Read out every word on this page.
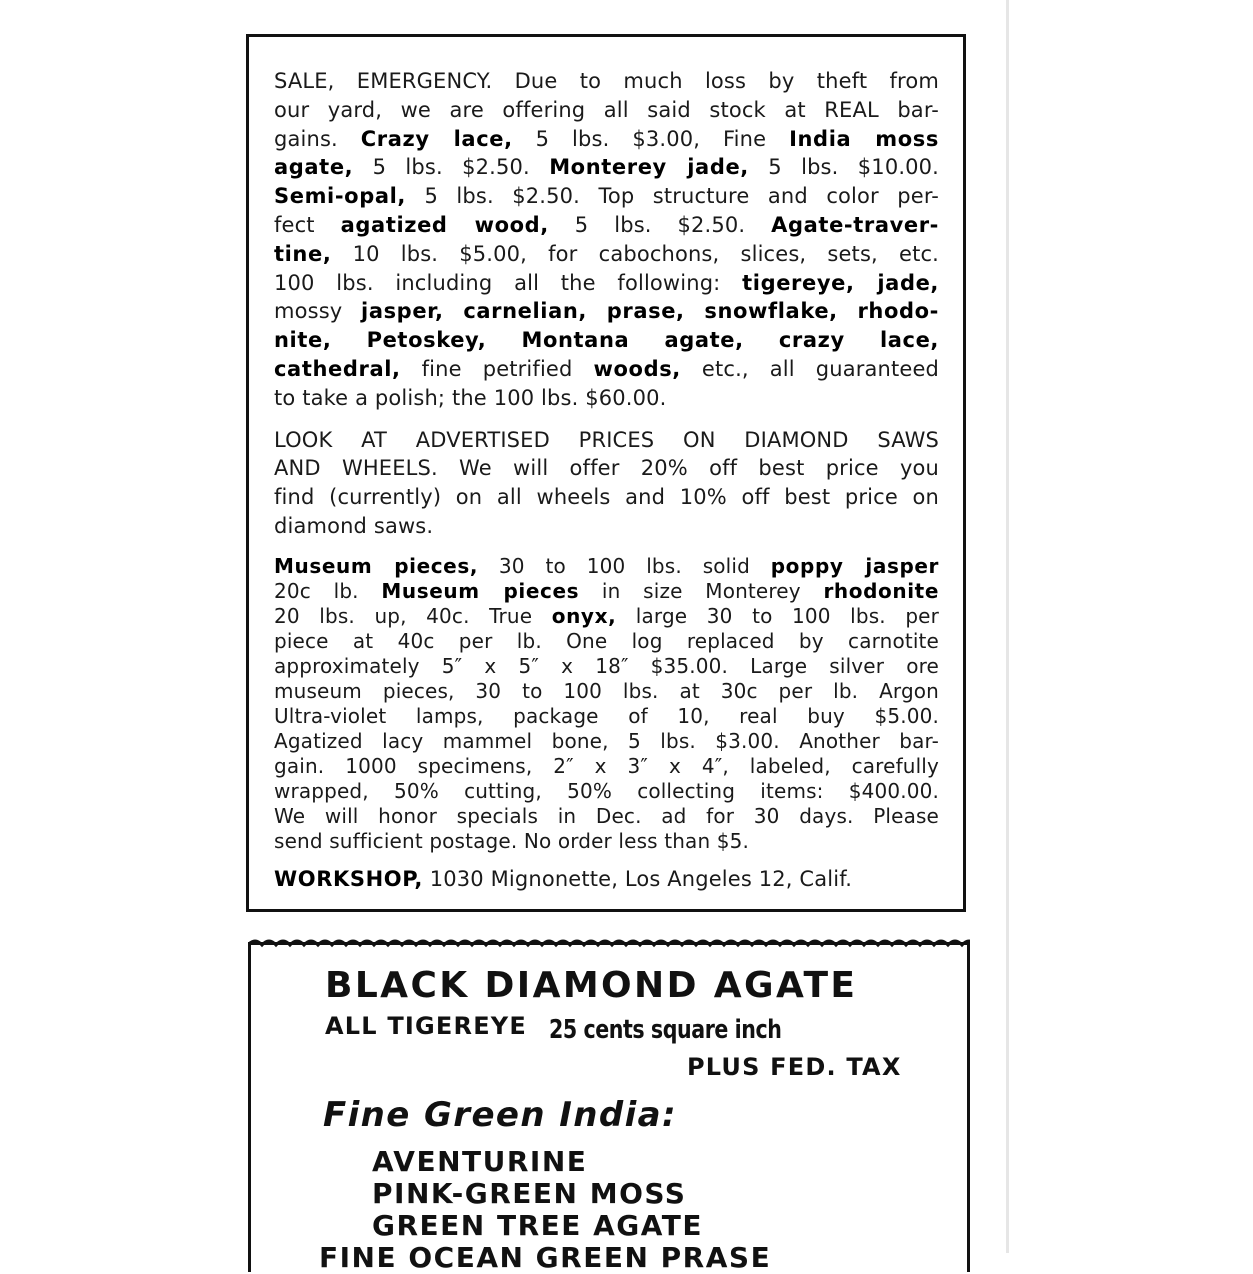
SALE, EMERGENCY. Due to much loss by theft from
our yard, we are offering all said stock at REAL bar-
gains. Crazy lace, 5 lbs. $3.00, Fine India moss
agate, 5 lbs. $2.50. Monterey jade, 5 lbs. $10.00.
Semi-opal, 5 lbs. $2.50. Top structure and color per-
fect agatized wood, 5 lbs. $2.50. Agate-traver-
tine, 10 lbs. $5.00, for cabochons, slices, sets, etc.
100 lbs. including all the following: tigereye, jade,
mossy jasper, carnelian, prase, snowflake, rhodo-
nite, Petoskey, Montana agate, crazy lace,
cathedral, fine petrified woods, etc., all guaranteed
to take a polish; the 100 lbs. $60.00.

LOOK AT ADVERTISED PRICES ON DIAMOND SAWS
AND WHEELS. We will offer 20% off best price you
find (currently) on all wheels and 10% off best price on
diamond saws.

Museum pieces, 30 to 100 lbs. solid poppy jasper
20c lb. Museum pieces in size Monterey rhodonite
20 lbs. up, 40c. True onyx, large 30 to 100 lbs. per
piece at 40c per lb. One log replaced by carnotite
approximately 5″ x 5″ x 18″ $35.00. Large silver ore
museum pieces, 30 to 100 lbs. at 30c per lb. Argon
Ultra-violet lamps, package of 10, real buy $5.00.
Agatized lacy mammel bone, 5 lbs. $3.00. Another bar-
gain. 1000 specimens, 2″ x 3″ x 4″, labeled, carefully
wrapped, 50% cutting, 50% collecting items: $400.00.
We will honor specials in Dec. ad for 30 days. Please
send sufficient postage. No order less than $5.

WORKSHOP, 1030 Mignonette, Los Angeles 12, Calif.

BLACK DIAMOND AGATE
ALL TIGEREYE 25 cents square inch
PLUS FED. TAX
Fine Green India:
AVENTURINE
PINK-GREEN MOSS
GREEN TREE AGATE
FINE OCEAN GREEN PRASE
